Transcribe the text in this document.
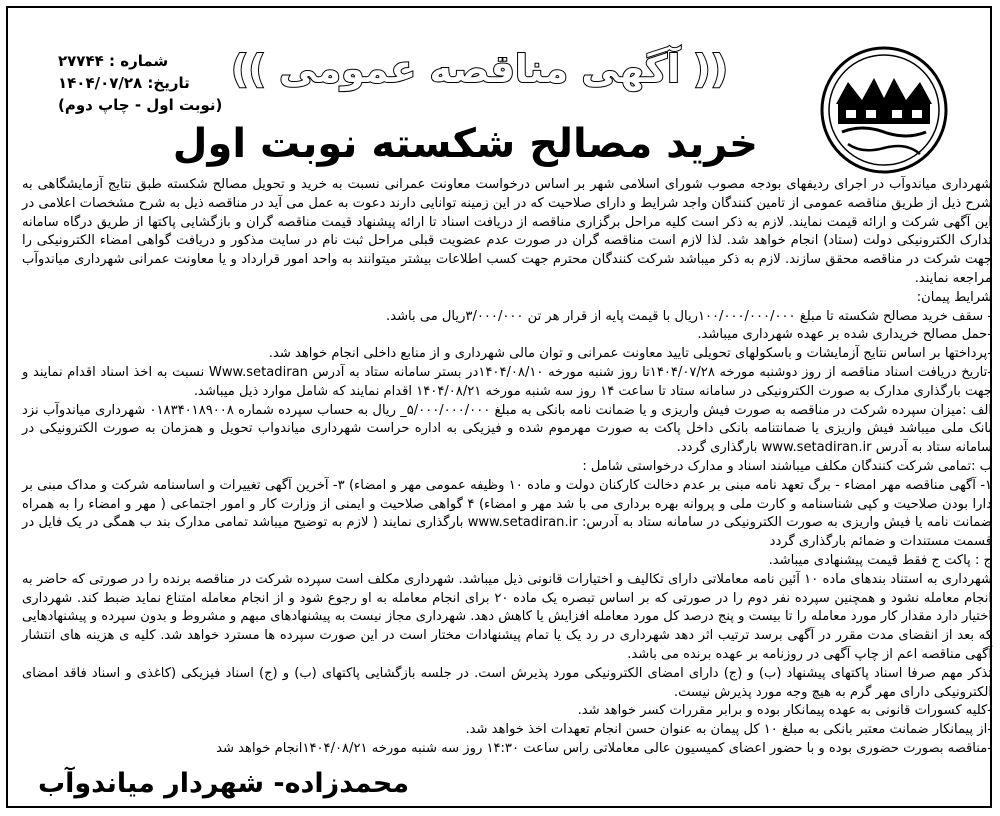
شماره : ۲۷۷۴۴
تاریخ: ۱۴۰۴/۰۷/۲۸
(نوبت اول - چاپ دوم)
(( آگهی مناقصه عمومی ))
خرید مصالح شکسته نوبت اول

شهرداری میاندوآب در اجرای ردیفهای بودجه مصوب شورای اسلامی شهر بر اساس درخواست معاونت عمرانی نسبت به خرید و تحویل مصالح شکسته طبق نتایج آزمایشگاهی به شرح ذیل از طریق مناقصه عمومی از تامین کنندگان واجد شرایط و دارای صلاحیت که در این زمینه توانایی دارند دعوت به عمل می آید در مناقصه ذیل به شرح مشخصات اعلامی در این آگهی شرکت و ارائه قیمت نمایند. لازم به ذکر است کلیه مراحل برگزاری مناقصه از دریافت اسناد تا ارائه پیشنهاد قیمت مناقصه گران و بازگشایی پاکتها از طریق درگاه سامانه تدارک الکترونیکی دولت (ستاد) انجام خواهد شد. لذا لازم است مناقصه گران در صورت عدم عضویت قبلی مراحل ثبت نام در سایت مذکور و دریافت گواهی امضاء الکترونیکی را جهت شرکت در مناقصه محقق سازند. لازم به ذکر میباشد شرکت کنندگان محترم جهت کسب اطلاعات بیشتر میتوانند به واحد امور قرارداد و یا معاونت عمرانی شهرداری میاندوآب مراجعه نمایند.

شرایط پیمان:

- سقف خرید مصالح شکسته تا مبلغ ۱۰۰/۰۰۰/۰۰۰/۰۰۰ریال با قیمت پایه از قرار هر تن ۳/۰۰۰/۰۰۰ریال می باشد.

-حمل مصالح خریداری شده بر عهده شهرداری میباشد.

-پرداختها بر اساس نتایج آزمایشات و باسکولهای تحویلی تایید معاونت عمرانی و توان مالی شهرداری و از منابع داخلی انجام خواهد شد.

-تاریخ دریافت اسناد مناقصه از روز دوشنبه مورخه ۱۴۰۴/۰۷/۲۸تا روز شنبه مورخه ۱۴۰۴/۰۸/۱۰در بستر سامانه ستاد به آدرس Www.setadiran نسبت به اخذ اسناد اقدام نمایند و جهت بارگذاری مدارک به صورت الکترونیکی در سامانه ستاد تا ساعت ۱۴ روز سه شنبه مورخه ۱۴۰۴/۰۸/۲۱ اقدام نمایند که شامل موارد ذیل میباشد.

الف :میزان سپرده شرکت در مناقصه به صورت فیش واریزی و یا ضمانت نامه بانکی به مبلغ ۵/۰۰۰/۰۰۰/۰۰۰_ ریال به حساب سپرده شماره ۰۱۸۳۴۰۱۸۹۰۰۸ شهرداری میاندوآب نزد بانک ملی میباشد فیش واریزی یا ضمانتنامه بانکی داخل پاکت به صورت مهرموم شده و فیزیکی به اداره حراست شهرداری میاندواب تحویل و همزمان به صورت الکترونیکی در سامانه ستاد به آدرس www.setadiran.ir بارگذاری گردد.

ب :تمامی شرکت کنندگان مکلف میباشند اسناد و مدارک درخواستی شامل :

۱- آگهی مناقصه مهر امضاء - برگ تعهد نامه مبنی بر عدم دخالت کارکنان دولت و ماده ۱۰ وظیفه عمومی مهر و امضاء) ۳- آخرین آگهی تغییرات و اساسنامه شرکت و مداک مبنی بر دارا بودن صلاحیت و کپی شناسنامه و کارت ملی و پروانه بهره برداری می با شد مهر و امضاء) ۴ گواهی صلاحیت و ایمنی از وزارت کار و امور اجتماعی ( مهر و امضاء را به همراه ضمانت نامه یا فیش واریزی به صورت الکترونیکی در سامانه ستاد به آدرس: www.setadiran.ir بارگذاری نمایند ( لازم به توضیح میباشد تمامی مدارک بند ب همگی در یک فایل در قسمت مستندات و ضمائم بارگذاری گردد

ج : پاکت ج فقط قیمت پیشنهادی میباشد.

شهرداری به استناد بندهای ماده ۱۰ آئین نامه معاملاتی دارای تکالیف و اختیارات قانونی ذیل میباشد. شهرداری مکلف است سپرده شرکت در مناقصه برنده را در صورتی که حاضر به انجام معامله نشود و همچنین سپرده نفر دوم را در صورتی که بر اساس تبصره یک ماده ۲۰ برای انجام معامله به او رجوع شود و از انجام معامله امتناع نماید ضبط کند. شهرداری اختیار دارد مقدار کار مورد معامله را تا بیست و پنج درصد کل مورد معامله افزایش یا کاهش دهد. شهرداری مجاز نیست به پیشنهادهای مبهم و مشروط و بدون سپرده و پیشنهادهایی که بعد از انقضای مدت مقرر در آگهی برسد ترتیب اثر دهد شهرداری در رد یک یا تمام پیشنهادات مختار است در این صورت سپرده ها مسترد خواهد شد. کلیه ی هزینه های انتشار آگهی مناقصه اعم از چاپ آگهی در روزنامه بر عهده برنده می باشد.

تذکر مهم صرفا اسناد پاکتهای پیشنهاد (ب) و (ج) دارای امضای الکترونیکی مورد پذیرش است. در جلسه بازگشایی پاکتهای (ب) و (ج) اسناد فیزیکی (کاغذی و اسناد فاقد امضای الکترونیکی دارای مهر گرم به هیچ وجه مورد پذیرش نیست.

-کلیه کسورات قانونی به عهده پیمانکار بوده و برابر مقررات کسر خواهد شد.

-از پیمانکار ضمانت معتبر بانکی به مبلغ ۱۰ کل پیمان به عنوان حسن انجام تعهدات اخذ خواهد شد.

-مناقصه بصورت حضوری بوده و با حضور اعضای کمیسیون عالی معاملاتی راس ساعت ۱۴:۳۰ روز سه شنبه مورخه ۱۴۰۴/۰۸/۲۱انجام خواهد شد

محمدزاده- شهردار میاندوآب
